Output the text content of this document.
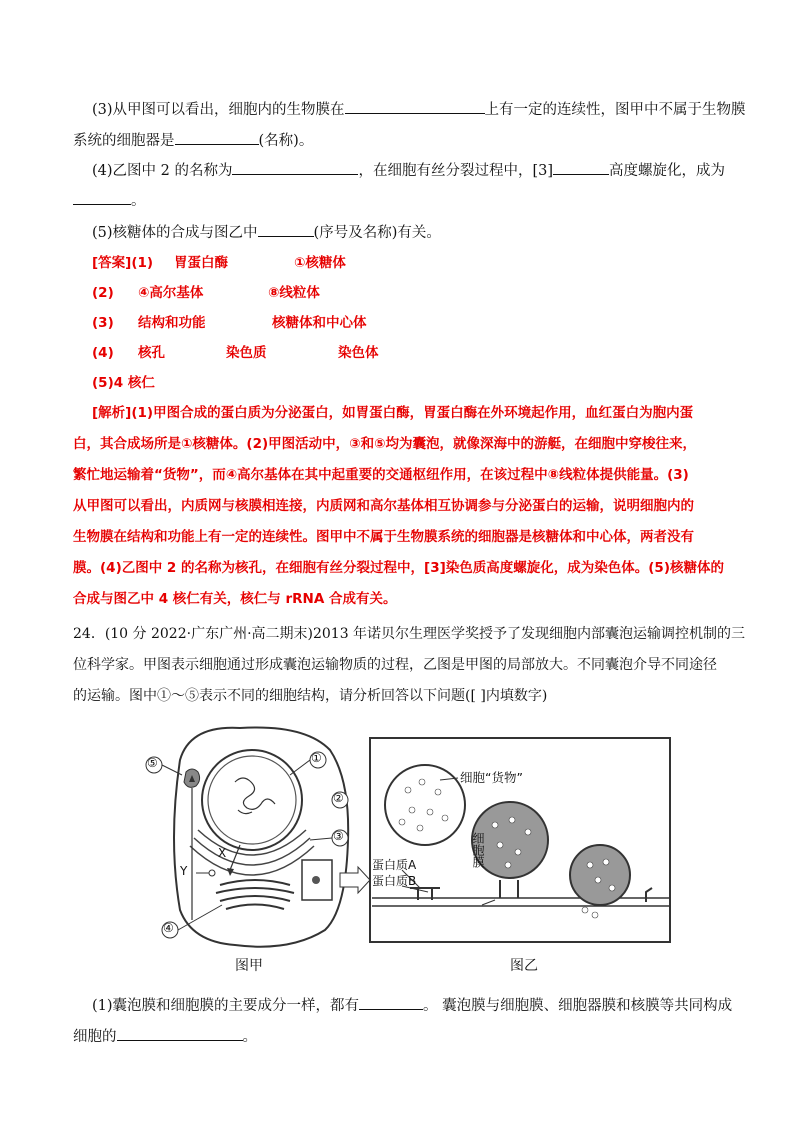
(3)从甲图可以看出，细胞内的生物膜在	上有一定的连续性，图甲中不属于生物膜
系统的细胞器是	(名称)。
(4)乙图中 2 的名称为	，在细胞有丝分裂过程中，[3]	高度螺旋化，成为
。
(5)核糖体的合成与图乙中	(序号及名称)有关。
[答案](1) 胃蛋白酶	①核糖体
(2) ④高尔基体	⑧线粒体
(3) 结构和功能	核糖体和中心体
(4) 核孔	染色质	染色体
(5)4 核仁
[解析](1)甲图合成的蛋白质为分泌蛋白，如胃蛋白酶，胃蛋白酶在外环境起作用，血红蛋白为胞内蛋
白，其合成场所是①核糖体。(2)甲图活动中，③和⑤均为囊泡，就像深海中的游艇，在细胞中穿梭往来，
繁忙地运输着“货物”，而④高尔基体在其中起重要的交通枢纽作用，在该过程中⑧线粒体提供能量。(3)
从甲图可以看出，内质网与核膜相连接，内质网和高尔基体相互协调参与分泌蛋白的运输，说明细胞内的
生物膜在结构和功能上有一定的连续性。图甲中不属于生物膜系统的细胞器是核糖体和中心体，两者没有
膜。(4)乙图中 2 的名称为核孔，在细胞有丝分裂过程中，[3]染色质高度螺旋化，成为染色体。(5)核糖体的
合成与图乙中 4 核仁有关，核仁与 rRNA 合成有关。
24．(10 分 2022·广东广州·高二期末)2013 年诺贝尔生理医学奖授予了发现细胞内部囊泡运输调控机制的三
位科学家。甲图表示细胞通过形成囊泡运输物质的过程，乙图是甲图的局部放大。不同囊泡介导不同途径
的运输。图中①～⑤表示不同的细胞结构，请分析回答以下问题([ ]内填数字)
⑤	①
②
③
④
X
Y
细胞“货物”
蛋白质A
蛋白质B
细胞膜
图甲	图乙
(1)囊泡膜和细胞膜的主要成分一样，都有	。 囊泡膜与细胞膜、细胞器膜和核膜等共同构成
细胞的	。
